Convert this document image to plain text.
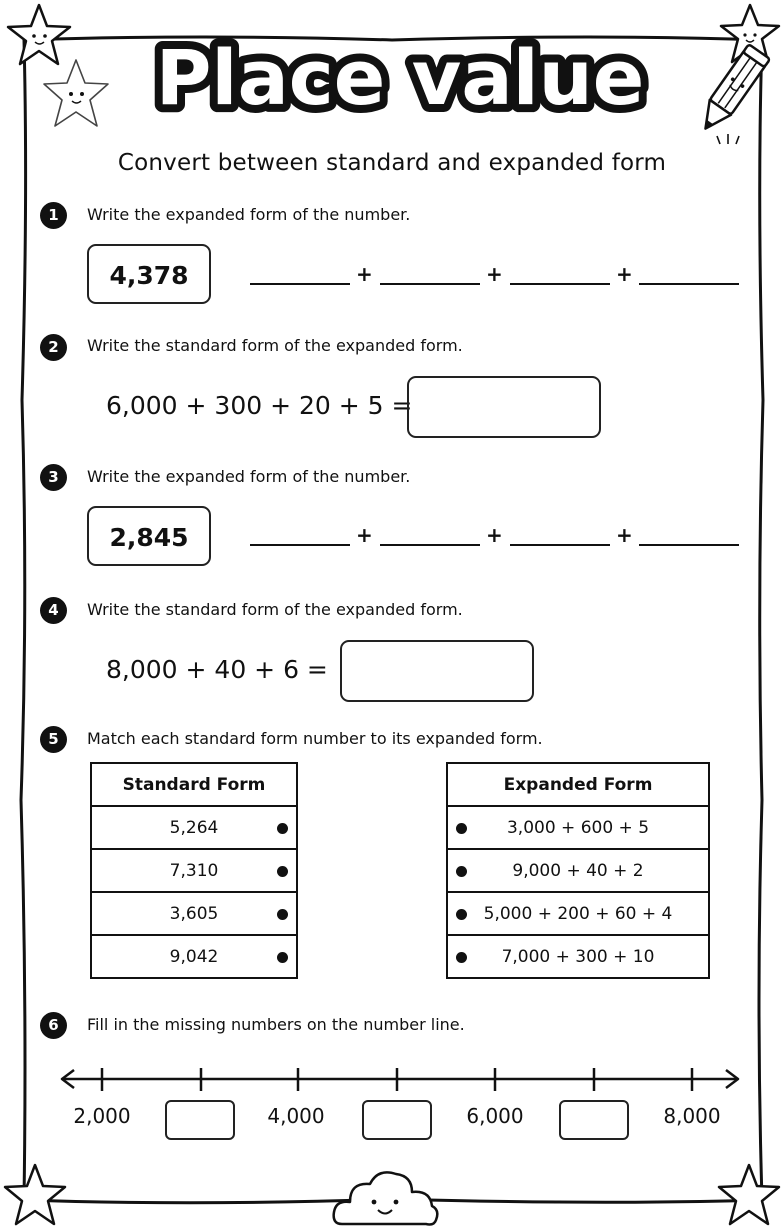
Place value
Convert between standard and expanded form
1	Write the expanded form of the number.
4,378	+	+	+
2	Write the standard form of the expanded form.
6,000 + 300 + 20 + 5 =
3	Write the expanded form of the number.
2,845	+	+	+
4	Write the standard form of the expanded form.
8,000 + 40 + 6 =
5	Match each standard form number to its expanded form.
Standard Form
5,264

7,310

3,605

9,042
Expanded Form

3,000 + 600 + 5

9,000 + 40 + 2

5,000 + 200 + 60 + 4

7,000 + 300 + 10
6	Fill in the missing numbers on the number line.
2,000	4,000	6,000	8,000
